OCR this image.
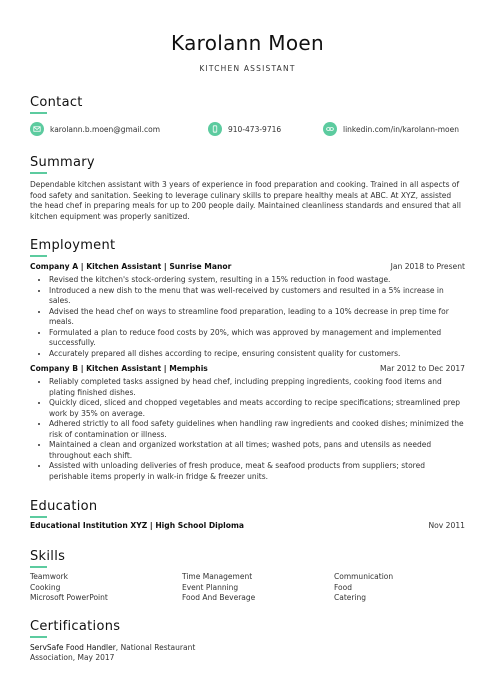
Karolann Moen
KITCHEN ASSISTANT
Contact
karolann.b.moen@gmail.com	910-473-9716	linkedin.com/in/karolann-moen
Summary
Dependable kitchen assistant with 3 years of experience in food preparation and cooking. Trained in all aspects of food safety and sanitation. Seeking to leverage culinary skills to prepare healthy meals at ABC. At XYZ, assisted the head chef in preparing meals for up to 200 people daily. Maintained cleanliness standards and ensured that all kitchen equipment was properly sanitized.
Employment
Company A | Kitchen Assistant | Sunrise Manor	Jan 2018 to Present
• Revised the kitchen's stock-ordering system, resulting in a 15% reduction in food wastage.
• Introduced a new dish to the menu that was well-received by customers and resulted in a 5% increase in sales.
• Advised the head chef on ways to streamline food preparation, leading to a 10% decrease in prep time for meals.
• Formulated a plan to reduce food costs by 20%, which was approved by management and implemented successfully.
• Accurately prepared all dishes according to recipe, ensuring consistent quality for customers.
Company B | Kitchen Assistant | Memphis	Mar 2012 to Dec 2017
• Reliably completed tasks assigned by head chef, including prepping ingredients, cooking food items and plating finished dishes.
• Quickly diced, sliced and chopped vegetables and meats according to recipe specifications; streamlined prep work by 35% on average.
• Adhered strictly to all food safety guidelines when handling raw ingredients and cooked dishes; minimized the risk of contamination or illness.
• Maintained a clean and organized workstation at all times; washed pots, pans and utensils as needed throughout each shift.
• Assisted with unloading deliveries of fresh produce, meat & seafood products from suppliers; stored perishable items properly in walk-in fridge & freezer units.
Education
Educational Institution XYZ | High School Diploma	Nov 2011
Skills
Teamwork	Time Management	Communication
Cooking	Event Planning	Food
Microsoft PowerPoint	Food And Beverage	Catering
Certifications
ServSafe Food Handler, National Restaurant
Association, May 2017
